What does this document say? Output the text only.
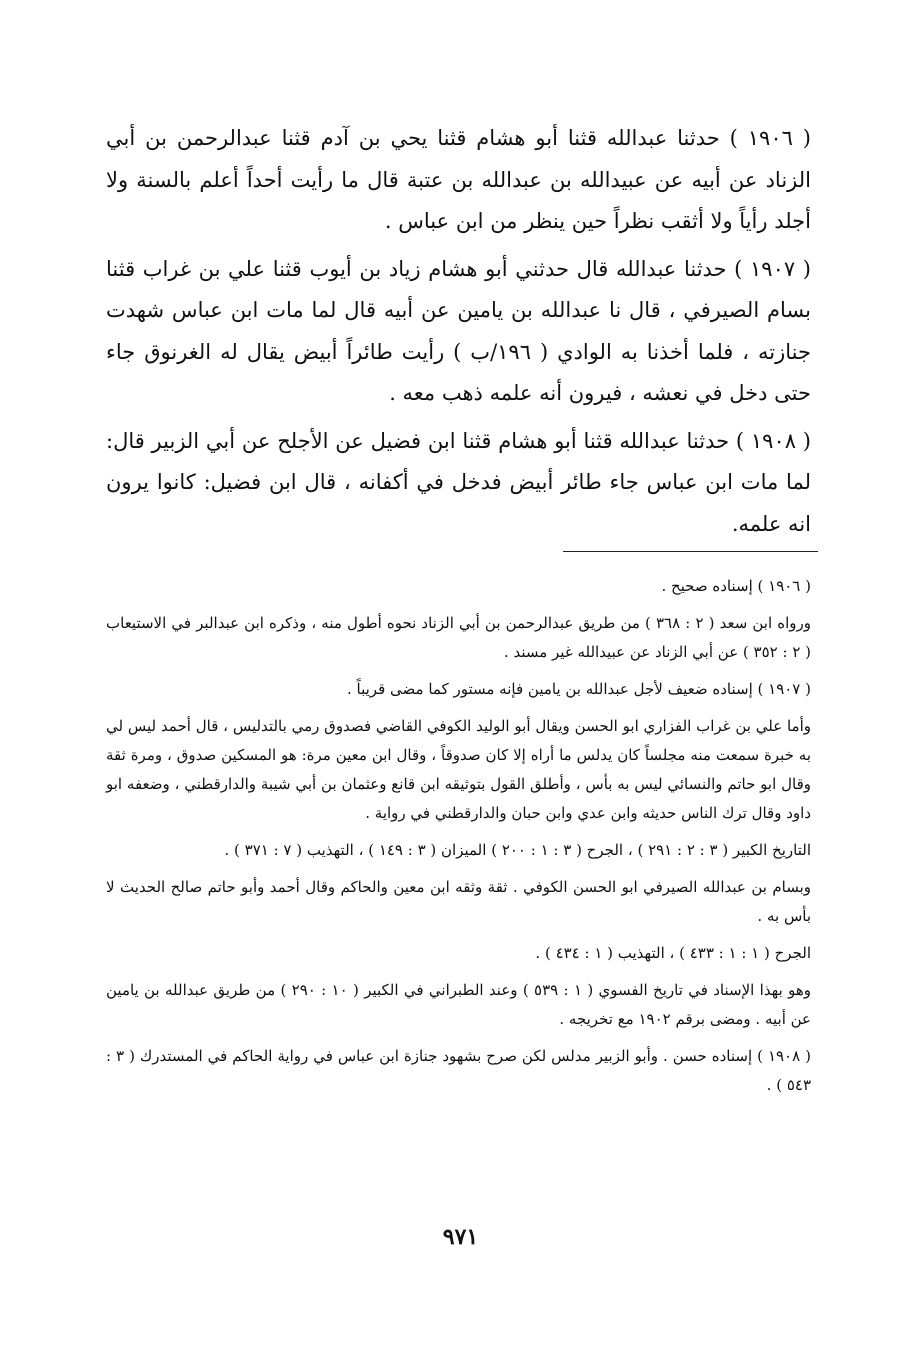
( ١٩٠٦ ) حدثنا عبدالله قثنا أبو هشام قثنا يحي بن آدم قثنا عبدالرحمن بن أبي الزناد عن أبيه عن عبيدالله بن عبدالله بن عتبة قال ما رأيت أحداً أعلم بالسنة ولا أجلد رأياً ولا أثقب نظراً حين ينظر من ابن عباس .

( ١٩٠٧ ) حدثنا عبدالله قال حدثني أبو هشام زياد بن أيوب قثنا علي بن غراب قثنا بسام الصيرفي ، قال نا عبدالله بن يامين عن أبيه قال لما مات ابن عباس شهدت جنازته ، فلما أخذنا به الوادي ( ١٩٦/ب ) رأيت طائراً أبيض يقال له الغرنوق جاء حتى دخل في نعشه ، فيرون أنه علمه ذهب معه .

( ١٩٠٨ ) حدثنا عبدالله قثنا أبو هشام قثنا ابن فضيل عن الأجلح عن أبي الزبير قال: لما مات ابن عباس جاء طائر أبيض فدخل في أكفانه ، قال ابن فضيل: كانوا يرون انه علمه.

( ١٩٠٦ ) إسناده صحيح .

ورواه ابن سعد ( ٢ : ٣٦٨ ) من طريق عبدالرحمن بن أبي الزناد نحوه أطول منه ، وذكره ابن عبدالبر في الاستيعاب ( ٢ : ٣٥٢ ) عن أبي الزناد عن عبيدالله غير مسند .

( ١٩٠٧ ) إسناده ضعيف لأجل عبدالله بن يامين فإنه مستور كما مضى قريباً .

وأما علي بن غراب الفزاري ابو الحسن ويقال أبو الوليد الكوفي القاضي فصدوق رمي بالتدليس ، قال أحمد ليس لي به خبرة سمعت منه مجلساً كان يدلس ما أراه إلا كان صدوقاً ، وقال ابن معين مرة: هو المسكين صدوق ، ومرة ثقة وقال ابو حاتم والنسائي ليس به بأس ، وأطلق القول بتوثيقه ابن قانع وعثمان بن أبي شيبة والدارقطني ، وضعفه ابو داود وقال ترك الناس حديثه وابن عدي وابن حبان والدارقطني في رواية .

التاريخ الكبير ( ٣ : ٢ : ٢٩١ ) ، الجرح ( ٣ : ١ : ٢٠٠ ) الميزان ( ٣ : ١٤٩ ) ، التهذيب ( ٧ : ٣٧١ ) .

وبسام بن عبدالله الصيرفي ابو الحسن الكوفي . ثقة وثقه ابن معين والحاكم وقال أحمد وأبو حاتم صالح الحديث لا بأس به .

الجرح ( ١ : ١ : ٤٣٣ ) ، التهذيب ( ١ : ٤٣٤ ) .

وهو بهذا الإسناد في تاريخ الفسوي ( ١ : ٥٣٩ ) وعند الطبراني في الكبير ( ١٠ : ٢٩٠ ) من طريق عبدالله بن يامين عن أبيه . ومضى برقم ١٩٠٢ مع تخريجه .

( ١٩٠٨ ) إسناده حسن . وأبو الزبير مدلس لكن صرح بشهود جنازة ابن عباس في رواية الحاكم في المستدرك ( ٣ : ٥٤٣ ) .

٩٧١
